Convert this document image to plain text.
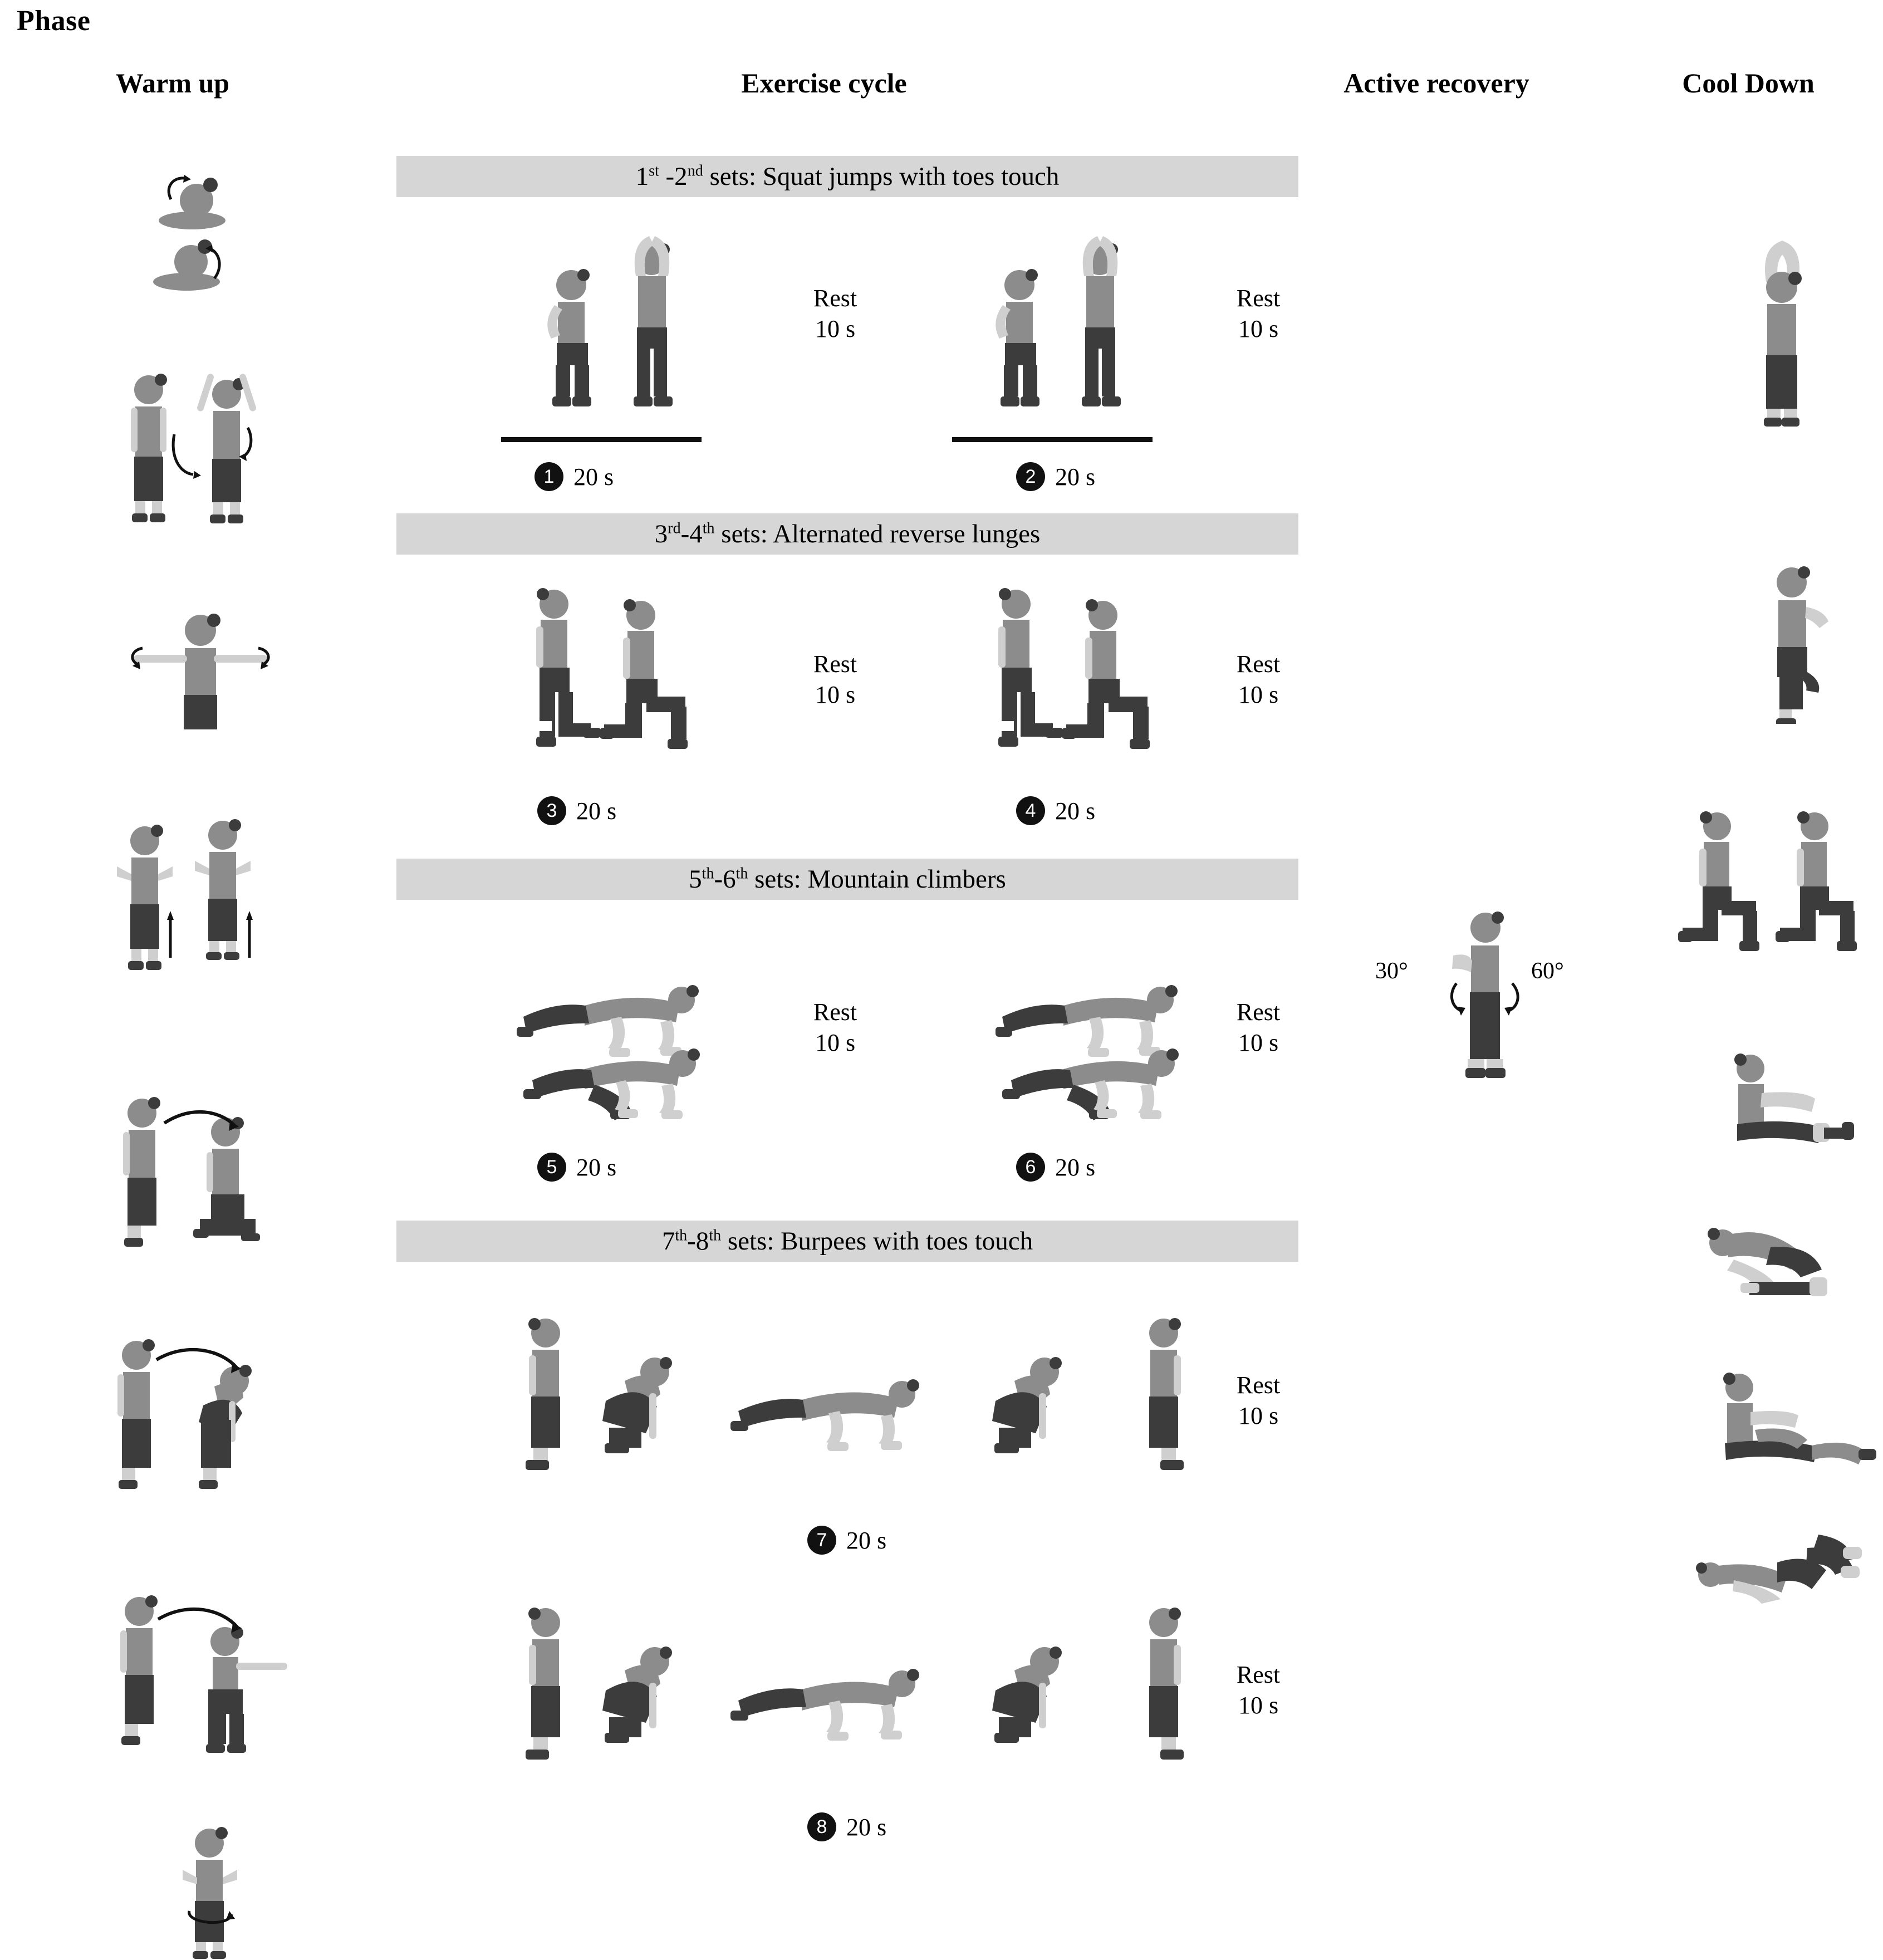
Phase
Warm up	Exercise cycle	Active recovery	Cool Down
1st -2nd sets: Squat jumps with toes touch
3rd-4th sets: Alternated reverse lunges
5th-6th sets: Mountain climbers
7th-8th sets: Burpees with toes touch
1 20 s
Rest
10 s
2 20 s
Rest
10 s
3 20 s
Rest
10 s
4 20 s
Rest
10 s
5 20 s
Rest
10 s
6 20 s
Rest
10 s
7 20 s
Rest
10 s
8 20 s
Rest
10 s
30°	60°
